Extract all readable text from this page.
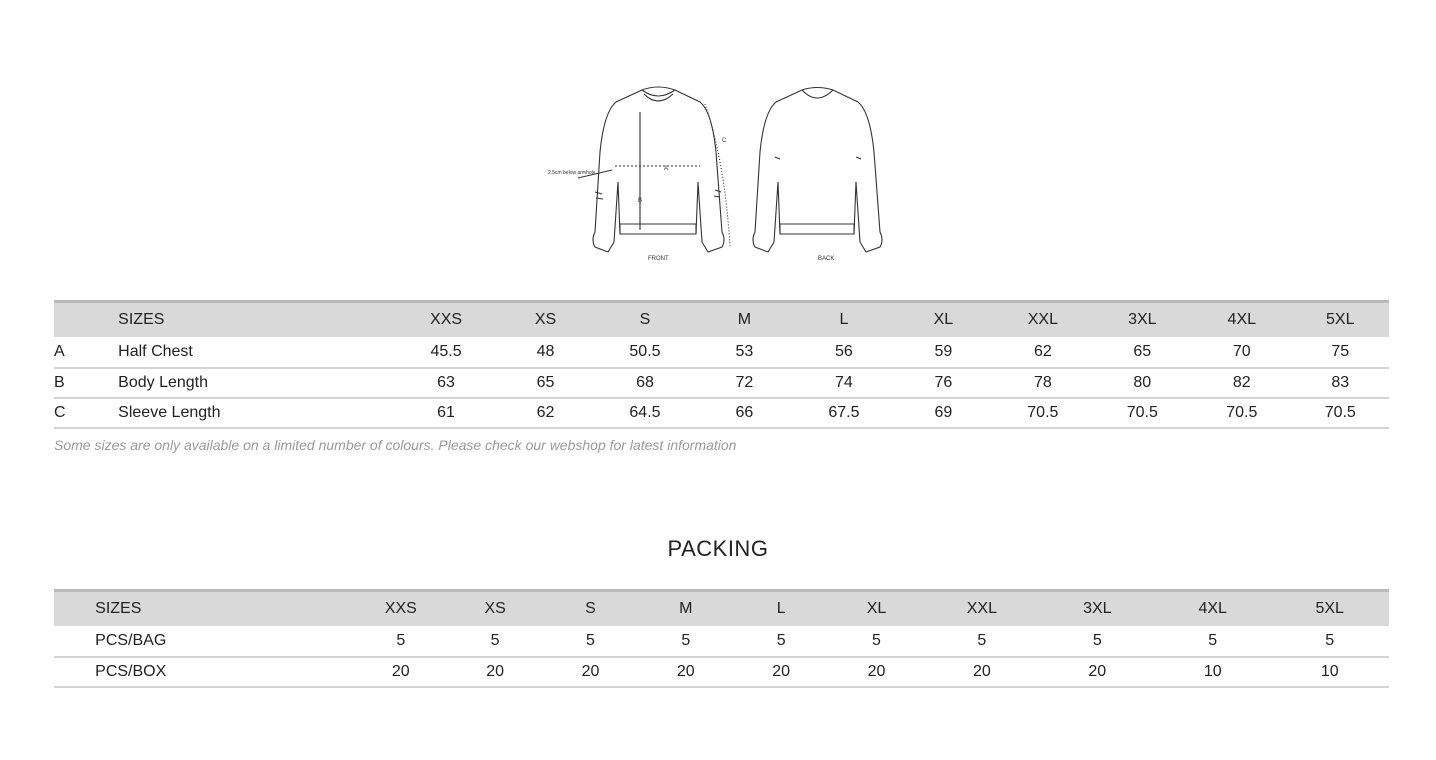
2.5cm below armhole
A
B
C
FRONT	BACK
	SIZES	XXS	XS	S	M	L	XL	XXL	3XL	4XL	5XL
A	Half Chest	45.5	48	50.5	53	56	59	62	65	70	75
B	Body Length	63	65	68	72	74	76	78	80	82	83
C	Sleeve Length	61	62	64.5	66	67.5	69	70.5	70.5	70.5	70.5
Some sizes are only available on a limited number of colours. Please check our webshop for latest information
PACKING
	SIZES	XXS	XS	S	M	L	XL	XXL	3XL	4XL	5XL
	PCS/BAG	5	5	5	5	5	5	5	5	5	5
	PCS/BOX	20	20	20	20	20	20	20	20	10	10
